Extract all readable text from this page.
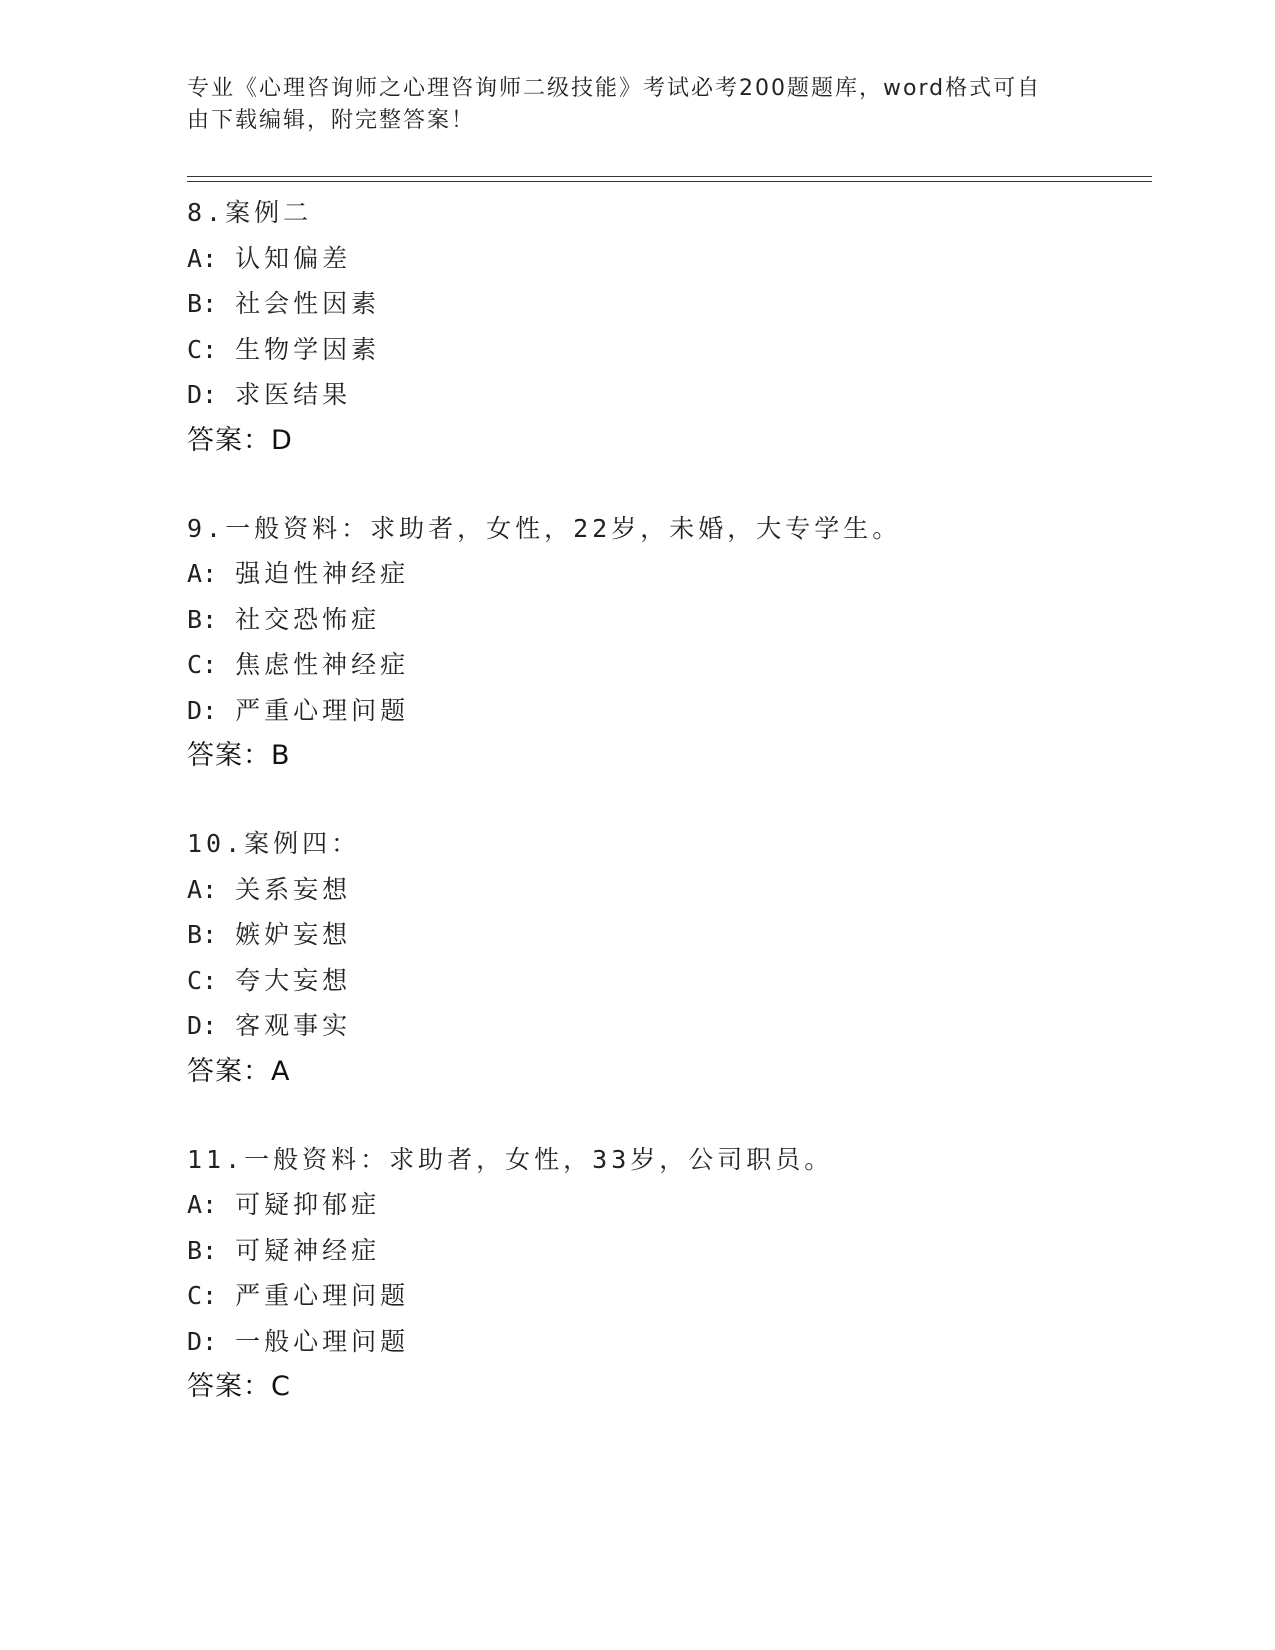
专业《心理咨询师之心理咨询师二级技能》考试必考200题题库，word格式可自
由下载编辑，附完整答案！
8.案例二
A: 认知偏差
B: 社会性因素
C: 生物学因素
D: 求医结果
答案：D
9.一般资料：求助者，女性，22岁，未婚，大专学生。
A: 强迫性神经症
B: 社交恐怖症
C: 焦虑性神经症
D: 严重心理问题
答案：B
10.案例四：
A: 关系妄想
B: 嫉妒妄想
C: 夸大妄想
D: 客观事实
答案：A
11.一般资料：求助者，女性，33岁，公司职员。
A: 可疑抑郁症
B: 可疑神经症
C: 严重心理问题
D: 一般心理问题
答案：C
